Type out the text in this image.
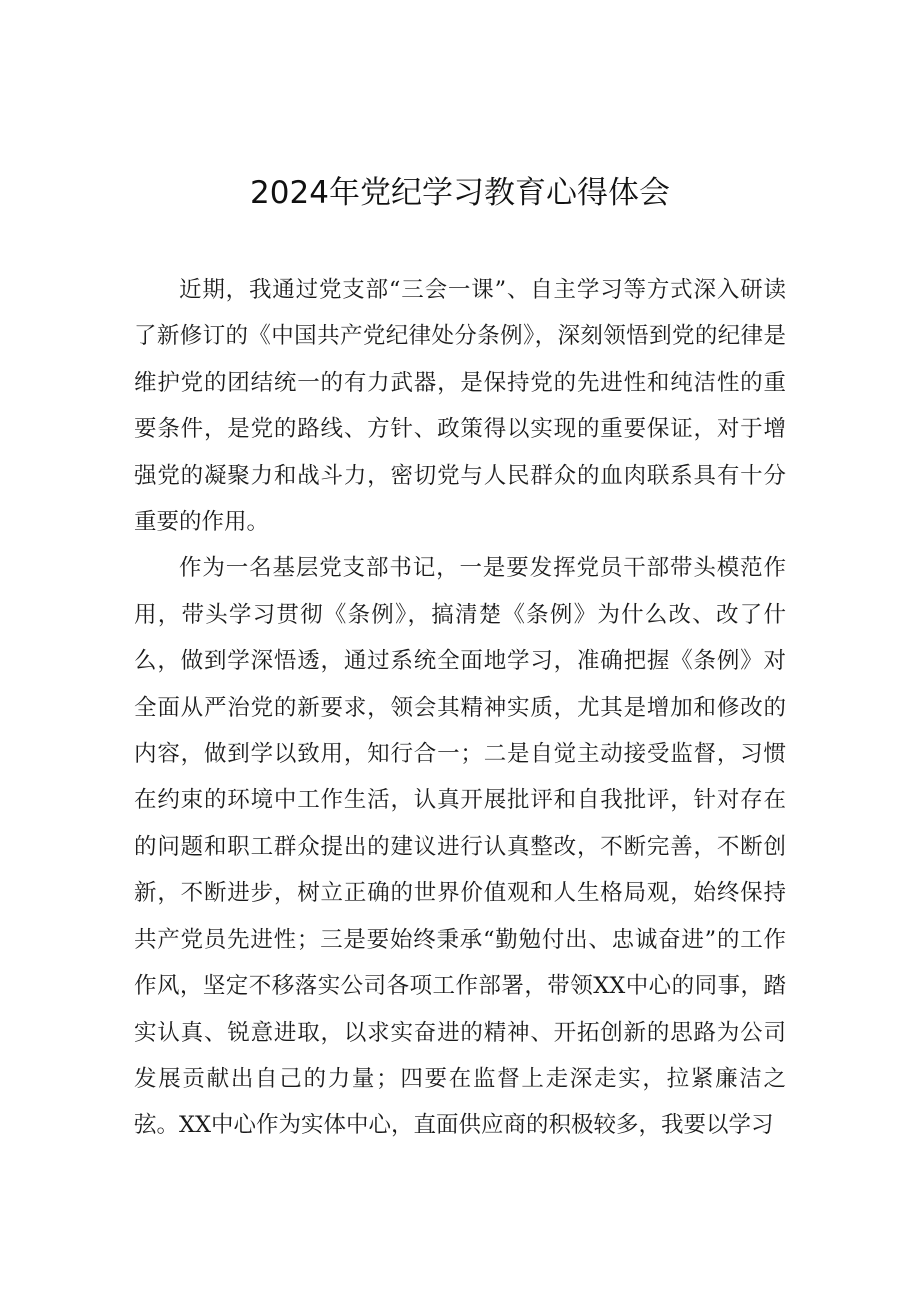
2024年党纪学习教育心得体会

近期，我通过党支部“三会一课”、自主学习等方式深入研读了新修订的《中国共产党纪律处分条例》，深刻领悟到党的纪律是维护党的团结统一的有力武器，是保持党的先进性和纯洁性的重要条件，是党的路线、方针、政策得以实现的重要保证，对于增强党的凝聚力和战斗力，密切党与人民群众的血肉联系具有十分重要的作用。

作为一名基层党支部书记，一是要发挥党员干部带头模范作用，带头学习贯彻《条例》，搞清楚《条例》为什么改、改了什么，做到学深悟透，通过系统全面地学习，准确把握《条例》对全面从严治党的新要求，领会其精神实质，尤其是增加和修改的内容，做到学以致用，知行合一；二是自觉主动接受监督，习惯在约束的环境中工作生活，认真开展批评和自我批评，针对存在的问题和职工群众提出的建议进行认真整改，不断完善，不断创新，不断进步，树立正确的世界价值观和人生格局观，始终保持共产党员先进性；三是要始终秉承“勤勉付出、忠诚奋进”的工作作风，坚定不移落实公司各项工作部署，带领XX中心的同事，踏实认真、锐意进取，以求实奋进的精神、开拓创新的思路为公司发展贡献出自己的力量；四要在监督上走深走实，拉紧廉洁之弦。XX中心作为实体中心，直面供应商的积极较多，我要以学习
